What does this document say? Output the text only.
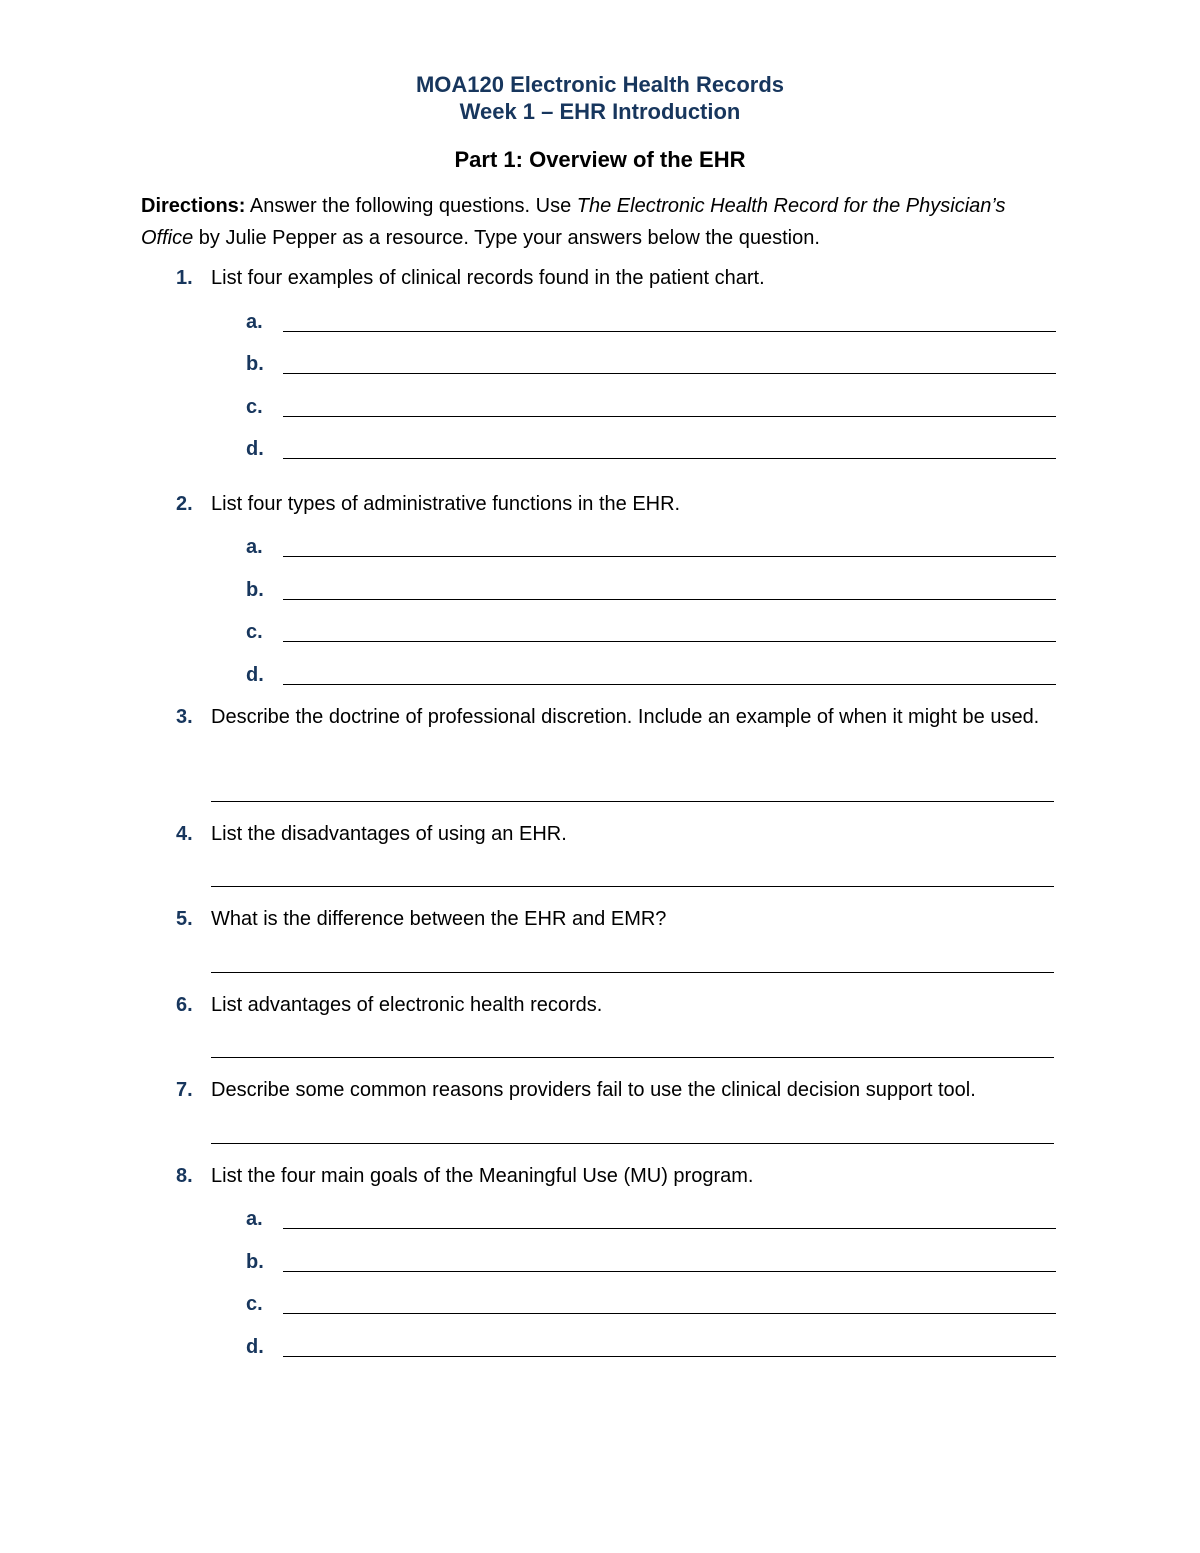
MOA120 Electronic Health Records
Week 1 – EHR Introduction
Part 1: Overview of the EHR
Directions: Answer the following questions. Use The Electronic Health Record for the Physician’s Office by Julie Pepper as a resource. Type your answers below the question.
1. List four examples of clinical records found in the patient chart.
a.
b.
c.
d.
2. List four types of administrative functions in the EHR.
a.
b.
c.
d.
3. Describe the doctrine of professional discretion. Include an example of when it might be used.
4. List the disadvantages of using an EHR.
5. What is the difference between the EHR and EMR?
6. List advantages of electronic health records.
7. Describe some common reasons providers fail to use the clinical decision support tool.
8. List the four main goals of the Meaningful Use (MU) program.
a.
b.
c.
d.
